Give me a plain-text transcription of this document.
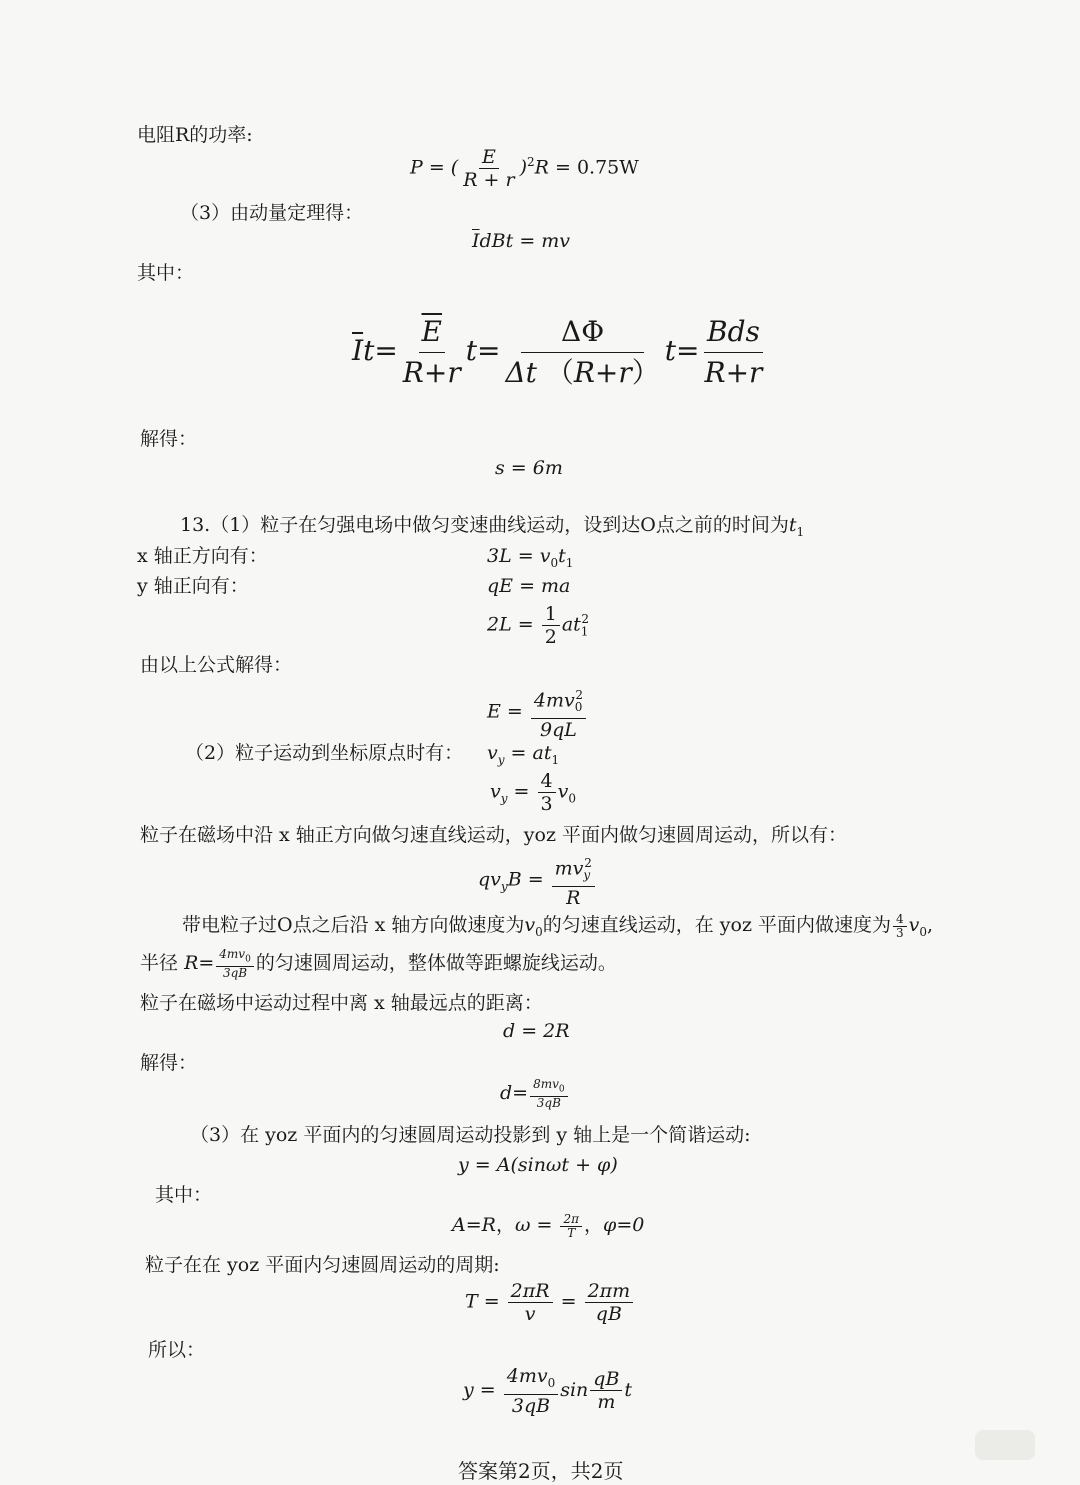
电阻R的功率:
P = ( $\frac{E}{R + r} )^2R = 0.75W$
（3）由动量定理得：
$\overline{I}dBt$ = mv
其中：
$\overline{I}t= \frac{\overline{E}}{R+r} t= \frac{\Delta\Phi}{\Delta t (R+r)} t= \frac{\text{Bds}}{R+r}$
解得：
s = 6m
13.（1）粒子在匀强电场中做匀变速曲线运动，设到达O点之前的时间为$t_1$
x 轴正方向有：	$3L = v_0t_1$
y 轴正向有：	qE = ma
$2L = \frac{1}{2} at_1^2$
由以上公式解得：
$E = \frac{4mv_0^2}{9qL}$
（2）粒子运动到坐标原点时有： $v_y = at_1$
$v_y = \frac{4}{3} v_0$
粒子在磁场中沿 x 轴正方向做匀速直线运动，yoz 平面内做匀速圆周运动，所以有：
$qv_yB = \frac{mv_y^2}{R}$
带电粒子过O点之后沿 x 轴方向做速度为$v_0$的匀速直线运动，在 yoz 平面内做速度为 $\frac{4}{3} v_0$,
半径 $R= \frac{4mv_0}{3qB}$ 的匀速圆周运动，整体做等距螺旋线运动。
粒子在磁场中运动过程中离 x 轴最远点的距离：
d = 2R
解得：
$d= \frac{8mv_0}{3qB}$
（3）在 yoz 平面内的匀速圆周运动投影到 y 轴上是一个简谐运动:
y = A(sinωt + φ)
其中：
A=R，$\omega = \frac{2\pi}{T}$ ，φ=0
粒子在在 yoz 平面内匀速圆周运动的周期:
$T = \frac{2\pi R}{v} = \frac{2\pi m}{qB}$
所以：
$y = \frac{4mv_0}{3qB}$ $\sin \frac{qB}{m}$ t
答案第2页，共2页
